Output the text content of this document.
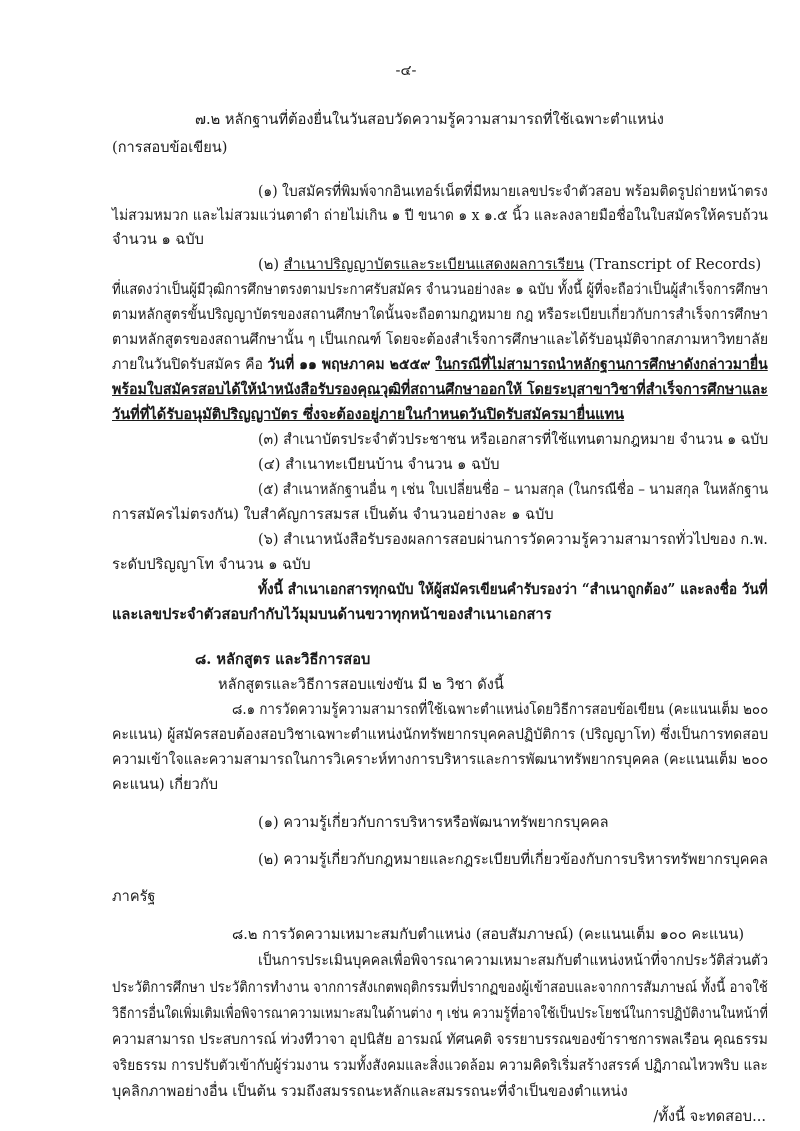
-๔-
๗.๒ หลักฐานที่ต้องยื่นในวันสอบวัดความรู้ความสามารถที่ใช้เฉพาะตำแหน่ง
(การสอบข้อเขียน)
(๑) ใบสมัครที่พิมพ์จากอินเทอร์เน็ตที่มีหมายเลขประจำตัวสอบ พร้อมติดรูปถ่ายหน้าตรง
ไม่สวมหมวก และไม่สวมแว่นตาดำ ถ่ายไม่เกิน ๑ ปี ขนาด ๑ x ๑.๕ นิ้ว และลงลายมือชื่อในใบสมัครให้ครบถ้วน
จำนวน ๑ ฉบับ
(๒) สำเนาปริญญาบัตรและระเบียนแสดงผลการเรียน (Transcript of Records)
ที่แสดงว่าเป็นผู้มีวุฒิการศึกษาตรงตามประกาศรับสมัคร จำนวนอย่างละ ๑ ฉบับ ทั้งนี้ ผู้ที่จะถือว่าเป็นผู้สำเร็จการศึกษา
ตามหลักสูตรขั้นปริญญาบัตรของสถานศึกษาใดนั้นจะถือตามกฎหมาย กฎ หรือระเบียบเกี่ยวกับการสำเร็จการศึกษา
ตามหลักสูตรของสถานศึกษานั้น ๆ เป็นเกณฑ์ โดยจะต้องสำเร็จการศึกษาและได้รับอนุมัติจากสภามหาวิทยาลัย
ภายในวันปิดรับสมัคร คือ วันที่ ๑๑ พฤษภาคม ๒๕๕๙ ในกรณีที่ไม่สามารถนำหลักฐานการศึกษาดังกล่าวมายื่น
พร้อมใบสมัครสอบได้ให้นำหนังสือรับรองคุณวุฒิที่สถานศึกษาออกให้ โดยระบุสาขาวิชาที่สำเร็จการศึกษาและ
วันที่ที่ได้รับอนุมัติปริญญาบัตร ซึ่งจะต้องอยู่ภายในกำหนดวันปิดรับสมัครมายื่นแทน
(๓) สำเนาบัตรประจำตัวประชาชน หรือเอกสารที่ใช้แทนตามกฎหมาย จำนวน ๑ ฉบับ
(๔) สำเนาทะเบียนบ้าน จำนวน ๑ ฉบับ
(๕) สำเนาหลักฐานอื่น ๆ เช่น ใบเปลี่ยนชื่อ – นามสกุล (ในกรณีชื่อ – นามสกุล ในหลักฐาน
การสมัครไม่ตรงกัน) ใบสำคัญการสมรส เป็นต้น จำนวนอย่างละ ๑ ฉบับ
(๖) สำเนาหนังสือรับรองผลการสอบผ่านการวัดความรู้ความสามารถทั่วไปของ ก.พ.
ระดับปริญญาโท จำนวน ๑ ฉบับ
ทั้งนี้ สำเนาเอกสารทุกฉบับ ให้ผู้สมัครเขียนคำรับรองว่า “สำเนาถูกต้อง” และลงชื่อ วันที่
และเลขประจำตัวสอบกำกับไว้มุมบนด้านขวาทุกหน้าของสำเนาเอกสาร
๘. หลักสูตร และวิธีการสอบ
หลักสูตรและวิธีการสอบแข่งขัน มี ๒ วิชา ดังนี้
๘.๑ การวัดความรู้ความสามารถที่ใช้เฉพาะตำแหน่งโดยวิธีการสอบข้อเขียน (คะแนนเต็ม ๒๐๐
คะแนน) ผู้สมัครสอบต้องสอบวิชาเฉพาะตำแหน่งนักทรัพยากรบุคคลปฏิบัติการ (ปริญญาโท) ซึ่งเป็นการทดสอบ
ความเข้าใจและความสามารถในการวิเคราะห์ทางการบริหารและการพัฒนาทรัพยากรบุคคล (คะแนนเต็ม ๒๐๐
คะแนน) เกี่ยวกับ
(๑) ความรู้เกี่ยวกับการบริหารหรือพัฒนาทรัพยากรบุคคล
(๒) ความรู้เกี่ยวกับกฎหมายและกฎระเบียบที่เกี่ยวข้องกับการบริหารทรัพยากรบุคคล
ภาครัฐ
๘.๒ การวัดความเหมาะสมกับตำแหน่ง (สอบสัมภาษณ์) (คะแนนเต็ม ๑๐๐ คะแนน)
เป็นการประเมินบุคคลเพื่อพิจารณาความเหมาะสมกับตำแหน่งหน้าที่จากประวัติส่วนตัว
ประวัติการศึกษา ประวัติการทำงาน จากการสังเกตพฤติกรรมที่ปรากฏของผู้เข้าสอบและจากการสัมภาษณ์ ทั้งนี้ อาจใช้
วิธีการอื่นใดเพิ่มเติมเพื่อพิจารณาความเหมาะสมในด้านต่าง ๆ เช่น ความรู้ที่อาจใช้เป็นประโยชน์ในการปฏิบัติงานในหน้าที่
ความสามารถ ประสบการณ์ ท่วงทีวาจา อุปนิสัย อารมณ์ ทัศนคติ จรรยาบรรณของข้าราชการพลเรือน คุณธรรม
จริยธรรม การปรับตัวเข้ากับผู้ร่วมงาน รวมทั้งสังคมและสิ่งแวดล้อม ความคิดริเริ่มสร้างสรรค์ ปฏิภาณไหวพริบ และ
บุคลิกภาพอย่างอื่น เป็นต้น รวมถึงสมรรถนะหลักและสมรรถนะที่จำเป็นของตำแหน่ง
/ทั้งนี้ จะทดสอบ...
